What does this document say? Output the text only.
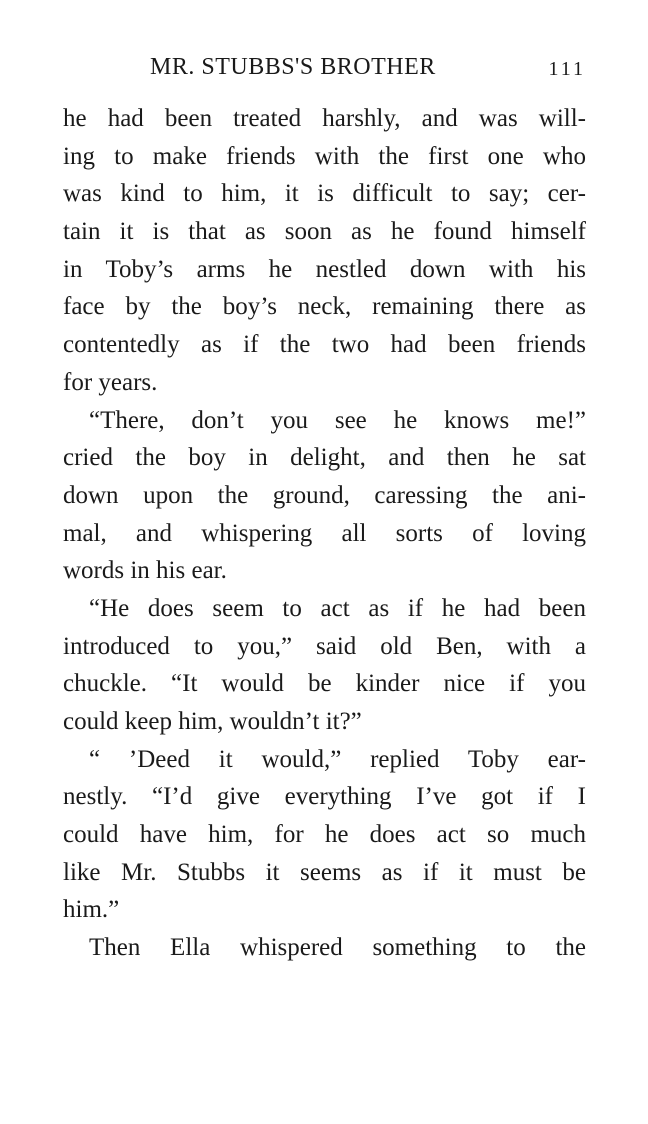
MR. STUBBS'S BROTHER	111
he had been treated harshly, and was will-
ing to make friends with the first one who
was kind to him, it is difficult to say; cer-
tain it is that as soon as he found himself
in Toby’s arms he nestled down with his
face by the boy’s neck, remaining there as
contentedly as if the two had been friends
for years.
“There, don’t you see he knows me!”
cried the boy in delight, and then he sat
down upon the ground, caressing the ani-
mal, and whispering all sorts of loving
words in his ear.
“He does seem to act as if he had been
introduced to you,” said old Ben, with a
chuckle. “It would be kinder nice if you
could keep him, wouldn’t it?”
“ ’Deed it would,” replied Toby ear-
nestly. “I’d give everything I’ve got if I
could have him, for he does act so much
like Mr. Stubbs it seems as if it must be
him.”
Then Ella whispered something to the
